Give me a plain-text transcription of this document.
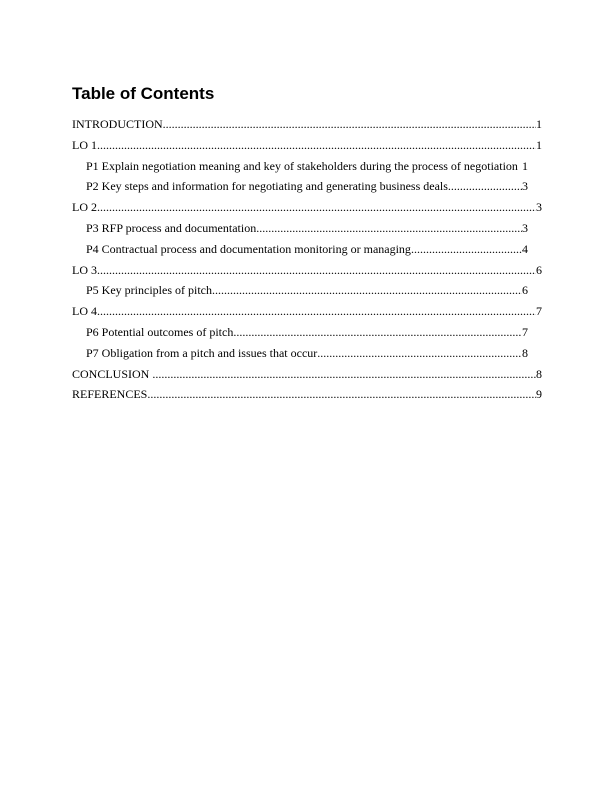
Table of Contents
INTRODUCTION .....	1
LO 1 .....	1
P1 Explain negotiation meaning and key of stakeholders during the process of negotiation 1
P2 Key steps and information for negotiating and generating business deals .....	3
LO 2 .....	3
P3 RFP process and documentation .....	3
P4 Contractual process and documentation monitoring or managing .....	4
LO 3 .....	6
P5 Key principles of pitch .....	6
LO 4 .....	7
P6 Potential outcomes of pitch .....	7
P7 Obligation from a pitch and issues that occur .....	8
CONCLUSION .....	8
REFERENCES .....	9
